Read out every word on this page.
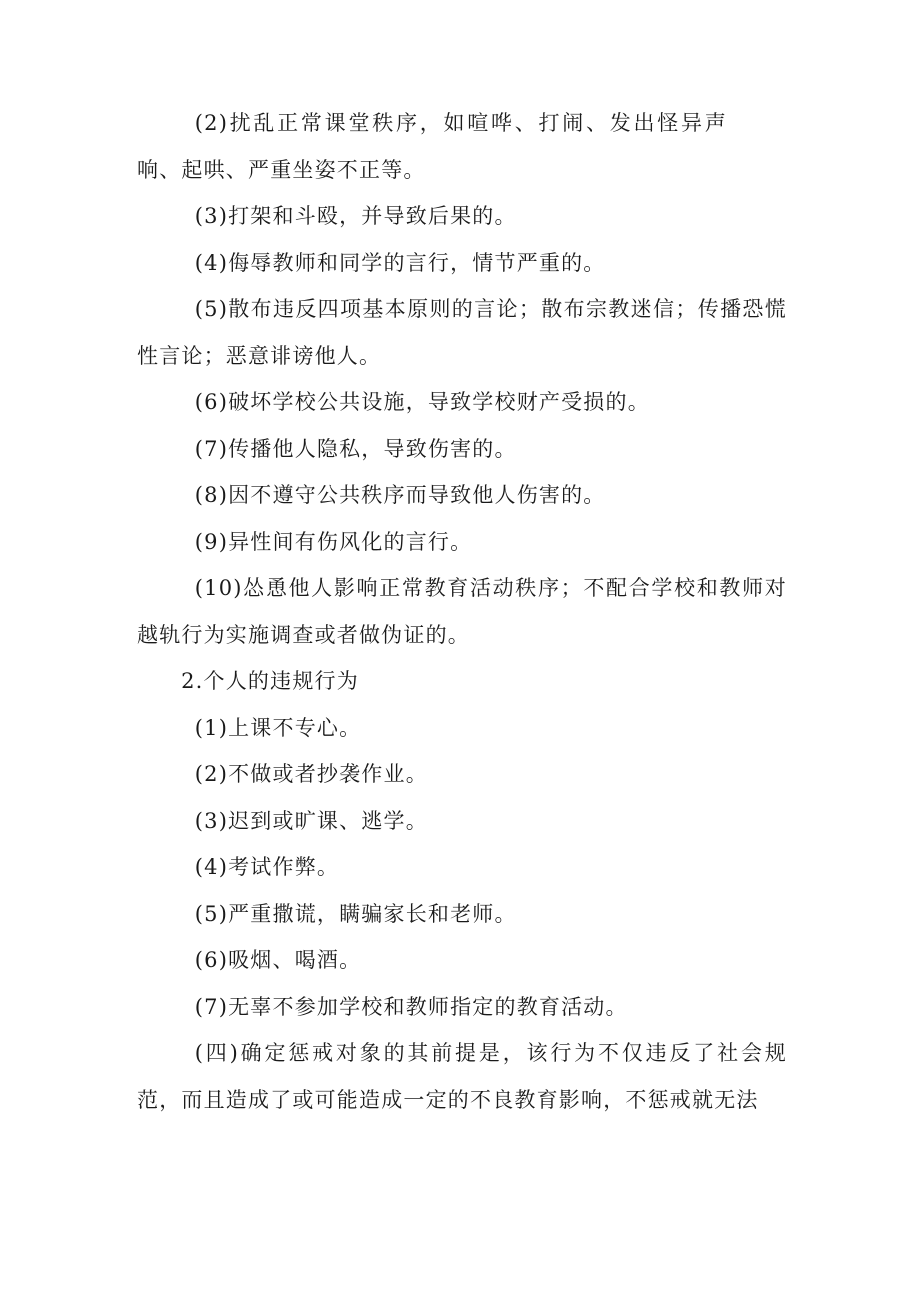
(2)扰乱正常课堂秩序，如喧哗、打闹、发出怪异声响、起哄、严重坐姿不正等。

(3)打架和斗殴，并导致后果的。

(4)侮辱教师和同学的言行，情节严重的。

(5)散布违反四项基本原则的言论；散布宗教迷信；传播恐慌性言论；恶意诽谤他人。

(6)破坏学校公共设施，导致学校财产受损的。

(7)传播他人隐私，导致伤害的。

(8)因不遵守公共秩序而导致他人伤害的。

(9)异性间有伤风化的言行。

(10)怂恿他人影响正常教育活动秩序；不配合学校和教师对越轨行为实施调查或者做伪证的。

2.个人的违规行为

(1)上课不专心。

(2)不做或者抄袭作业。

(3)迟到或旷课、逃学。

(4)考试作弊。

(5)严重撒谎，瞒骗家长和老师。

(6)吸烟、喝酒。

(7)无辜不参加学校和教师指定的教育活动。

(四)确定惩戒对象的其前提是，该行为不仅违反了社会规范，而且造成了或可能造成一定的不良教育影响，不惩戒就无法
